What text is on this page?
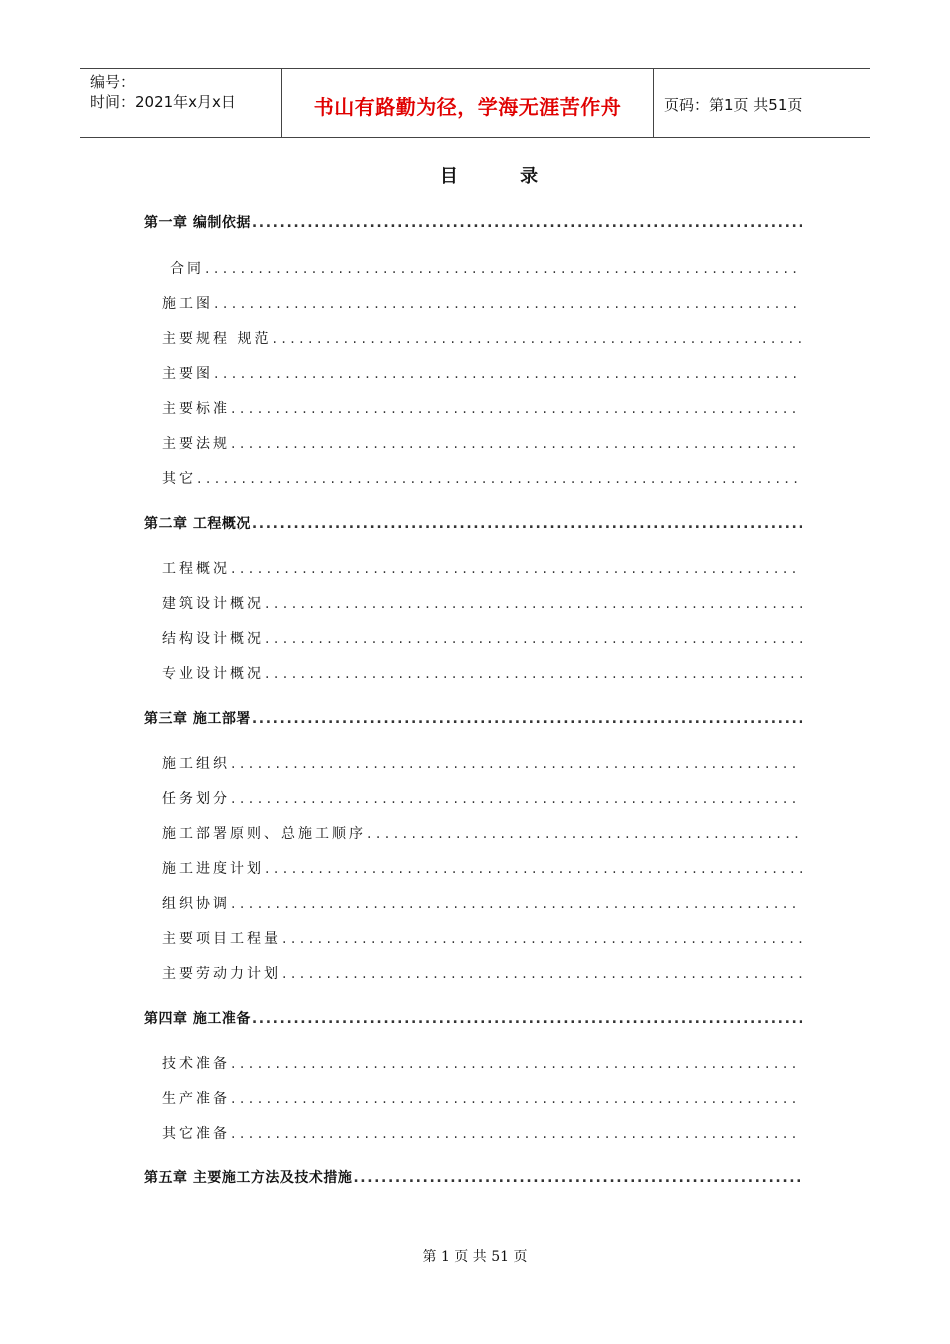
编号：
时间：2021年x月x日	书山有路勤为径，学海无涯苦作舟	页码：第1页 共51页
目 录
第一章 编制依据
.....
合同
. . .
施工图
. . .
主要规程 规范
. . .
主要图
. . .
主要标准
. . .
主要法规
. . .
其它
. . .
第二章 工程概况
.....
工程概况
. . .
建筑设计概况
. . .
结构设计概况
. . .
专业设计概况
. . .
第三章 施工部署
.....
施工组织
. . .
任务划分
. . .
施工部署原则、总施工顺序
. . .
施工进度计划
. . .
组织协调
. . .
主要项目工程量
. . .
主要劳动力计划
. . .
第四章 施工准备
.....
技术准备
. . .
生产准备
. . .
其它准备
. . .
第五章 主要施工方法及技术措施
.....
第 1 页 共 51 页
